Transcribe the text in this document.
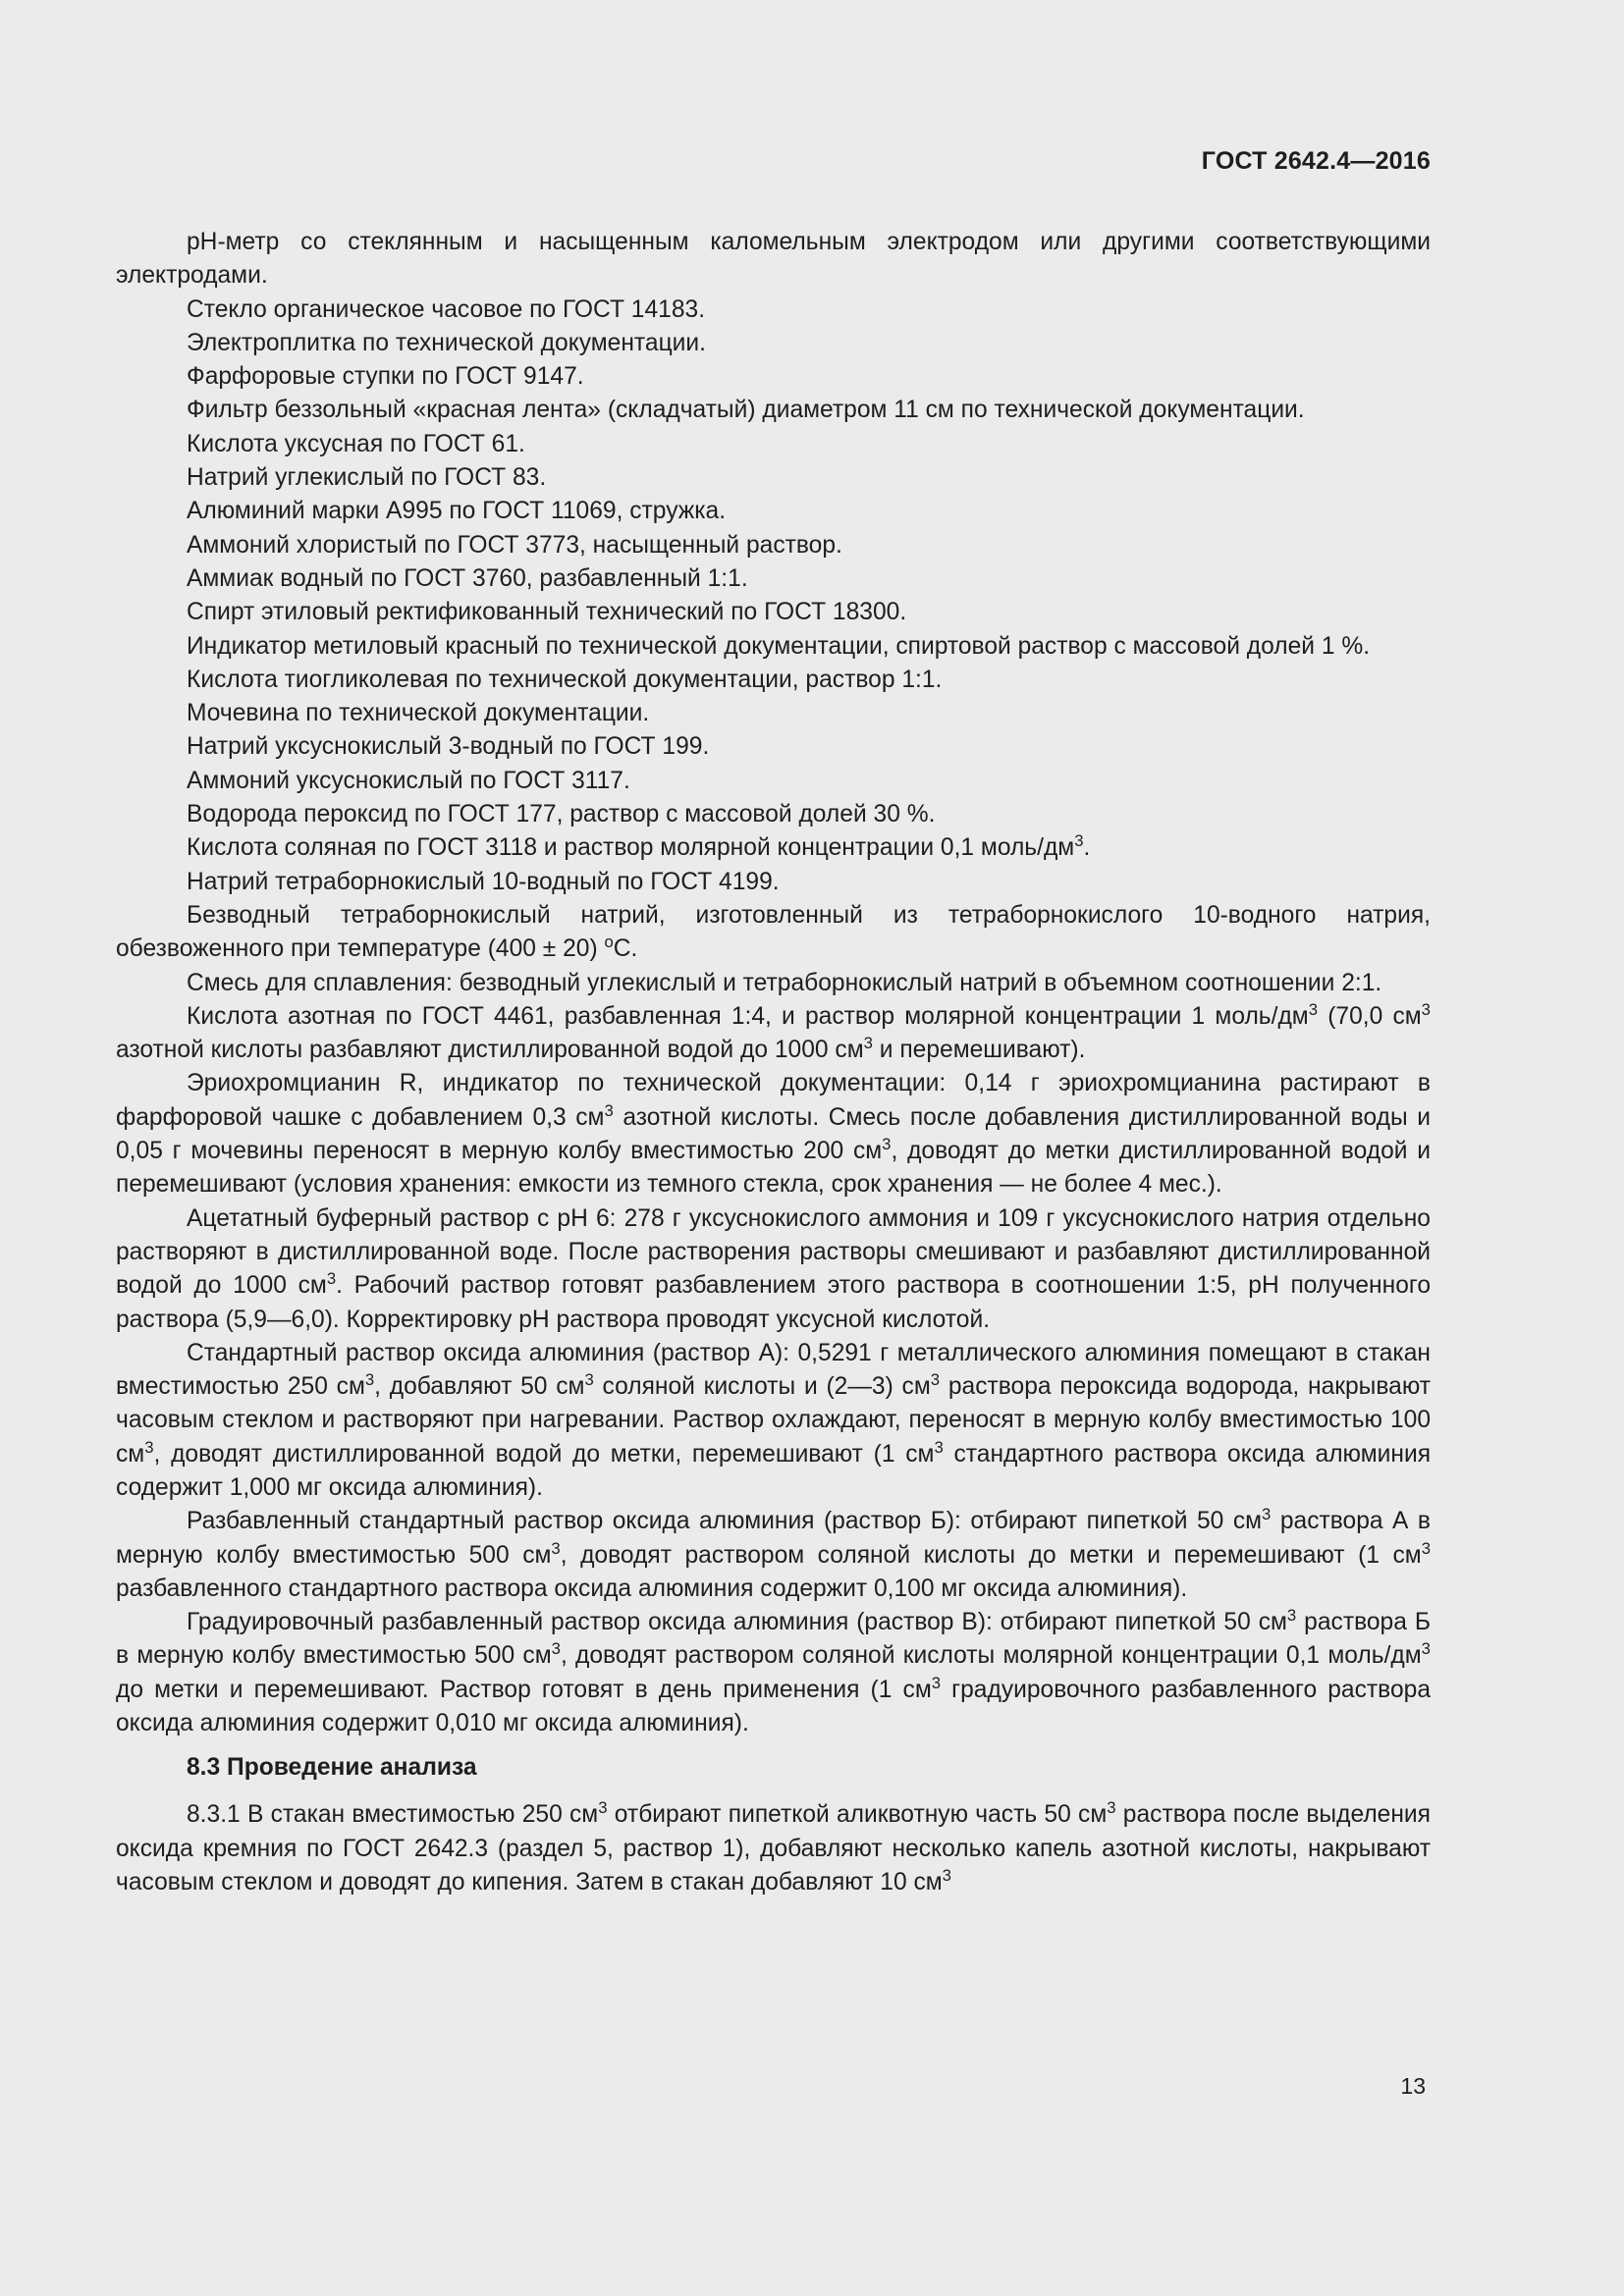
ГОСТ 2642.4—2016

рН-метр со стеклянным и насыщенным каломельным электродом или другими соответствующими электродами.

Стекло органическое часовое по ГОСТ 14183.

Электроплитка по технической документации.

Фарфоровые ступки по ГОСТ 9147.

Фильтр беззольный «красная лента» (складчатый) диаметром 11 см по технической документации.

Кислота уксусная по ГОСТ 61.

Натрий углекислый по ГОСТ 83.

Алюминий марки А995 по ГОСТ 11069, стружка.

Аммоний хлористый по ГОСТ 3773, насыщенный раствор.

Аммиак водный по ГОСТ 3760, разбавленный 1:1.

Спирт этиловый ректификованный технический по ГОСТ 18300.

Индикатор метиловый красный по технической документации, спиртовой раствор с массовой долей 1 %.

Кислота тиогликолевая по технической документации, раствор 1:1.

Мочевина по технической документации.

Натрий уксуснокислый 3-водный по ГОСТ 199.

Аммоний уксуснокислый по ГОСТ 3117.

Водорода пероксид по ГОСТ 177, раствор с массовой долей 30 %.

Кислота соляная по ГОСТ 3118 и раствор молярной концентрации 0,1 моль/$дм^3$.

Натрий тетраборнокислый 10-водный по ГОСТ 4199.

Безводный тетраборнокислый натрий, изготовленный из тетраборнокислого 10-водного натрия, обезвоженного при температуре (400 ± 20) $^о$С.

Смесь для сплавления: безводный углекислый и тетраборнокислый натрий в объемном соотношении 2:1.

Кислота азотная по ГОСТ 4461, разбавленная 1:4, и раствор молярной концентрации 1 моль/$дм^3$ (70,0 $см^3$ азотной кислоты разбавляют дистиллированной водой до 1000 $см^3$ и перемешивают).

Эриохромцианин R, индикатор по технической документации: 0,14 г эриохромцианина растирают в фарфоровой чашке с добавлением 0,3 $см^3$ азотной кислоты. Смесь после добавления дистиллированной воды и 0,05 г мочевины переносят в мерную колбу вместимостью 200 $см^3$, доводят до метки дистиллированной водой и перемешивают (условия хранения: емкости из темного стекла, срок хранения — не более 4 мес.).

Ацетатный буферный раствор с рН 6: 278 г уксуснокислого аммония и 109 г уксуснокислого натрия отдельно растворяют в дистиллированной воде. После растворения растворы смешивают и разбавляют дистиллированной водой до 1000 $см^3$. Рабочий раствор готовят разбавлением этого раствора в соотношении 1:5, рН полученного раствора (5,9—6,0). Корректировку рН раствора проводят уксусной кислотой.

Стандартный раствор оксида алюминия (раствор А): 0,5291 г металлического алюминия помещают в стакан вместимостью 250 $см^3$, добавляют 50 $см^3$ соляной кислоты и (2—3) $см^3$ раствора пероксида водорода, накрывают часовым стеклом и растворяют при нагревании. Раствор охлаждают, переносят в мерную колбу вместимостью 100 $см^3$, доводят дистиллированной водой до метки, перемешивают (1 $см^3$ стандартного раствора оксида алюминия содержит 1,000 мг оксида алюминия).

Разбавленный стандартный раствор оксида алюминия (раствор Б): отбирают пипеткой 50 $см^3$ раствора А в мерную колбу вместимостью 500 $см^3$, доводят раствором соляной кислоты до метки и перемешивают (1 $см^3$ разбавленного стандартного раствора оксида алюминия содержит 0,100 мг оксида алюминия).

Градуировочный разбавленный раствор оксида алюминия (раствор В): отбирают пипеткой 50 $см^3$ раствора Б в мерную колбу вместимостью 500 $см^3$, доводят раствором соляной кислоты молярной концентрации 0,1 моль/$дм^3$ до метки и перемешивают. Раствор готовят в день применения (1 $см^3$ градуировочного разбавленного раствора оксида алюминия содержит 0,010 мг оксида алюминия).

8.3 Проведение анализа

8.3.1 В стакан вместимостью 250 $см^3$ отбирают пипеткой аликвотную часть 50 $см^3$ раствора после выделения оксида кремния по ГОСТ 2642.3 (раздел 5, раствор 1), добавляют несколько капель азотной кислоты, накрывают часовым стеклом и доводят до кипения. Затем в стакан добавляют 10 $см^3$

13
